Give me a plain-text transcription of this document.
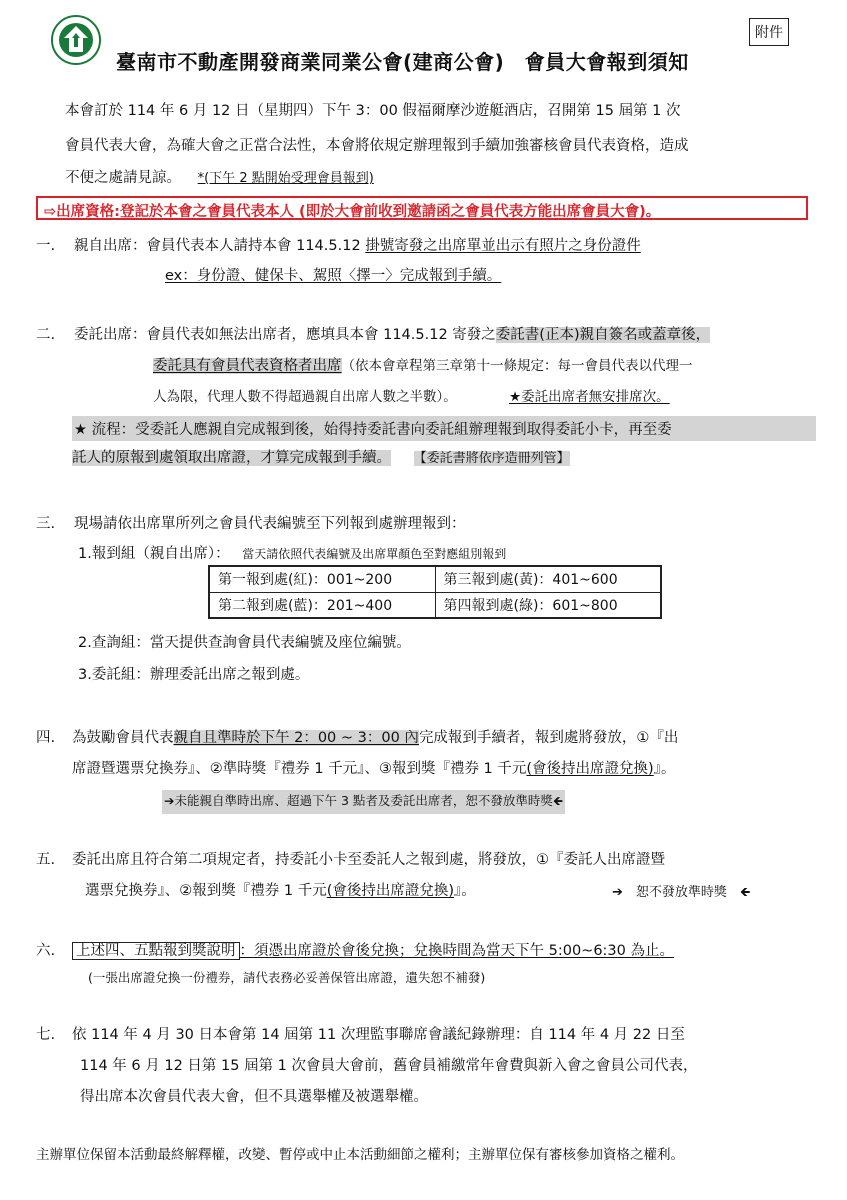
臺南市不動產開發商業同業公會(建商公會)　會員大會報到須知
附件
本會訂於 114 年 6 月 12 日（星期四）下午 3：00 假福爾摩沙遊艇酒店，召開第 15 屆第 1 次
會員代表大會，為確大會之正當合法性，本會將依規定辦理報到手續加強審核會員代表資格，造成
不便之處請見諒。 *(下午 2 點開始受理會員報到)
⇨出席資格:登記於本會之會員代表本人 (即於大會前收到邀請函之會員代表方能出席會員大會)。
一. 親自出席：會員代表本人請持本會 114.5.12 掛號寄發之出席單並出示有照片之身份證件
ex：身份證、健保卡、駕照〈擇一〉完成報到手續。
二. 委託出席：會員代表如無法出席者，應填具本會 114.5.12 寄發之委託書(正本)親自簽名或蓋章後，
委託具有會員代表資格者出席（依本會章程第三章第十一條規定：每一會員代表以代理一
人為限，代理人數不得超過親自出席人數之半數）。	★委託出席者無安排席次。
★ 流程：受委託人應親自完成報到後，始得持委託書向委託組辦理報到取得委託小卡，再至委
託人的原報到處領取出席證，才算完成報到手續。 【委託書將依序造冊列管】
三. 現場請依出席單所列之會員代表編號至下列報到處辦理報到：
1.報到組（親自出席）： 當天請依照代表編號及出席單顏色至對應組別報到
第一報到處(紅)：001~200	第三報到處(黃)：401~600
第二報到處(藍)：201~400	第四報到處(綠)：601~800
2.查詢組：當天提供查詢會員代表編號及座位編號。
3.委託組：辦理委託出席之報到處。
四. 為鼓勵會員代表親自且準時於下午 2：00 ~ 3：00 內完成報到手續者，報到處將發放，①『出
席證暨選票兌換券』、②準時獎『禮券 1 千元』、③報到獎『禮券 1 千元(會後持出席證兌換)』。
➔未能親自準時出席、超過下午 3 點者及委託出席者，恕不發放準時獎🡸
五. 委託出席且符合第二項規定者，持委託小卡至委託人之報到處，將發放，①『委託人出席證暨
選票兌換券』、②報到獎『禮券 1 千元(會後持出席證兌換)』。	➔　恕不發放準時獎　🡸
六. 上述四、五點報到獎說明 ：須憑出席證於會後兌換；兌換時間為當天下午 5:00~6:30 為止。
(一張出席證兌換一份禮券，請代表務必妥善保管出席證，遺失恕不補發)
七. 依 114 年 4 月 30 日本會第 14 屆第 11 次理監事聯席會議紀錄辦理：自 114 年 4 月 22 日至
114 年 6 月 12 日第 15 屆第 1 次會員大會前，舊會員補繳常年會費與新入會之會員公司代表，
得出席本次會員代表大會，但不具選舉權及被選舉權。
主辦單位保留本活動最終解釋權，改變、暫停或中止本活動細節之權利；主辦單位保有審核參加資格之權利。
